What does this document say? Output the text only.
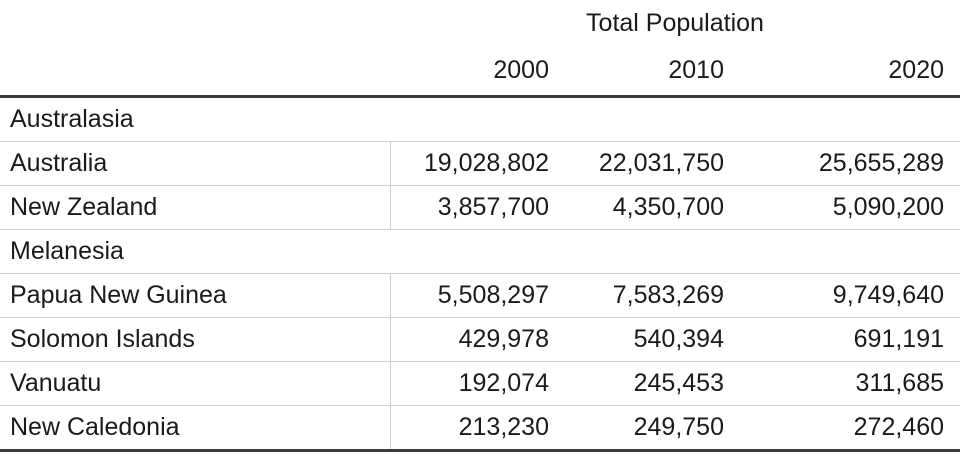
	Total Population		

	2000	2010	2020
Australasia			
Australia	19,028,802	22,031,750	25,655,289
New Zealand	3,857,700	4,350,700	5,090,200
Melanesia			
Papua New Guinea	5,508,297	7,583,269	9,749,640
Solomon Islands	429,978	540,394	691,191
Vanuatu	192,074	245,453	311,685
New Caledonia	213,230	249,750	272,460
